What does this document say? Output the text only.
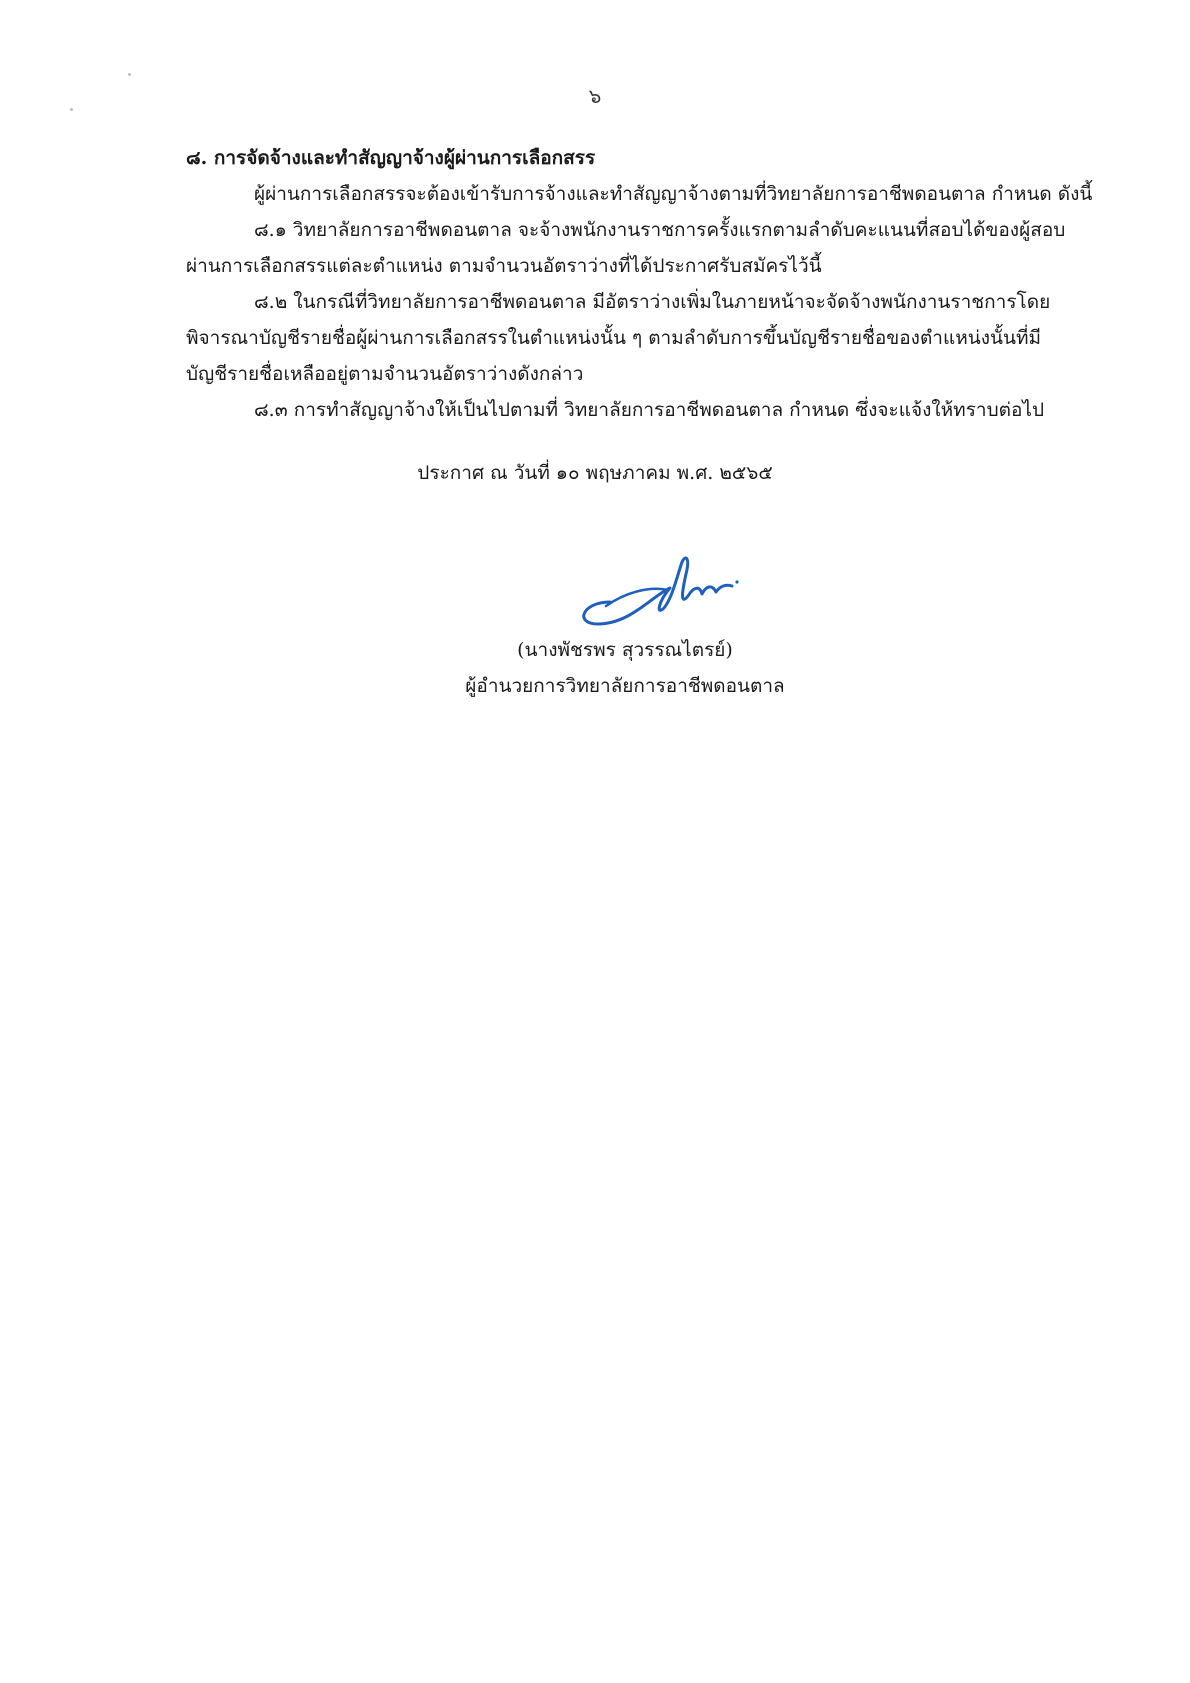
๖

๘. การจัดจ้างและทำสัญญาจ้างผู้ผ่านการเลือกสรร

ผู้ผ่านการเลือกสรรจะต้องเข้ารับการจ้างและทำสัญญาจ้างตามที่วิทยาลัยการอาชีพดอนตาล กำหนด ดังนี้

๘.๑ วิทยาลัยการอาชีพดอนตาล จะจ้างพนักงานราชการครั้งแรกตามลำดับคะแนนที่สอบได้ของผู้สอบผ่านการเลือกสรรแต่ละตำแหน่ง ตามจำนวนอัตราว่างที่ได้ประกาศรับสมัครไว้นี้

๘.๒ ในกรณีที่วิทยาลัยการอาชีพดอนตาล มีอัตราว่างเพิ่มในภายหน้าจะจัดจ้างพนักงานราชการโดยพิจารณาบัญชีรายชื่อผู้ผ่านการเลือกสรรในตำแหน่งนั้น ๆ ตามลำดับการขึ้นบัญชีรายชื่อของตำแหน่งนั้นที่มีบัญชีรายชื่อเหลืออยู่ตามจำนวนอัตราว่างดังกล่าว

๘.๓ การทำสัญญาจ้างให้เป็นไปตามที่ วิทยาลัยการอาชีพดอนตาล กำหนด ซึ่งจะแจ้งให้ทราบต่อไป

ประกาศ ณ วันที่ ๑๐ พฤษภาคม พ.ศ. ๒๕๖๕
(นางพัชรพร สุวรรณไตรย์)
ผู้อำนวยการวิทยาลัยการอาชีพดอนตาล
